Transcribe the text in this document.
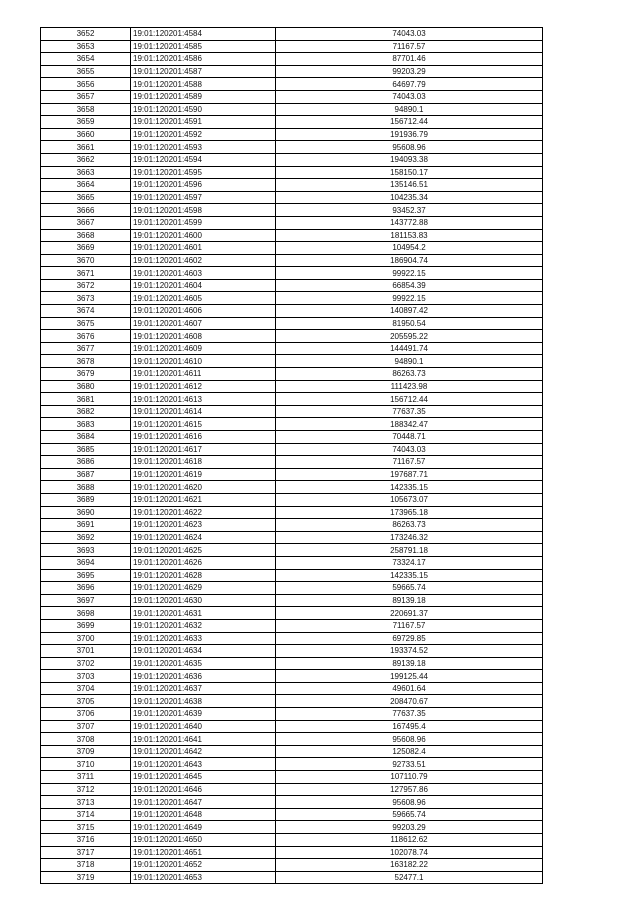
3652	19:01:120201:4584	74043.03
3653	19:01:120201:4585	71167.57
3654	19:01:120201:4586	87701.46
3655	19:01:120201:4587	99203.29
3656	19:01:120201:4588	64697.79
3657	19:01:120201:4589	74043.03
3658	19:01:120201:4590	94890.1
3659	19:01:120201:4591	156712.44
3660	19:01:120201:4592	191936.79
3661	19:01:120201:4593	95608.96
3662	19:01:120201:4594	194093.38
3663	19:01:120201:4595	158150.17
3664	19:01:120201:4596	135146.51
3665	19:01:120201:4597	104235.34
3666	19:01:120201:4598	93452.37
3667	19:01:120201:4599	143772.88
3668	19:01:120201:4600	181153.83
3669	19:01:120201:4601	104954.2
3670	19:01:120201:4602	186904.74
3671	19:01:120201:4603	99922.15
3672	19:01:120201:4604	66854.39
3673	19:01:120201:4605	99922.15
3674	19:01:120201:4606	140897.42
3675	19:01:120201:4607	81950.54
3676	19:01:120201:4608	205595.22
3677	19:01:120201:4609	144491.74
3678	19:01:120201:4610	94890.1
3679	19:01:120201:4611	86263.73
3680	19:01:120201:4612	111423.98
3681	19:01:120201:4613	156712.44
3682	19:01:120201:4614	77637.35
3683	19:01:120201:4615	188342.47
3684	19:01:120201:4616	70448.71
3685	19:01:120201:4617	74043.03
3686	19:01:120201:4618	71167.57
3687	19:01:120201:4619	197687.71
3688	19:01:120201:4620	142335.15
3689	19:01:120201:4621	105673.07
3690	19:01:120201:4622	173965.18
3691	19:01:120201:4623	86263.73
3692	19:01:120201:4624	173246.32
3693	19:01:120201:4625	258791.18
3694	19:01:120201:4626	73324.17
3695	19:01:120201:4628	142335.15
3696	19:01:120201:4629	59665.74
3697	19:01:120201:4630	89139.18
3698	19:01:120201:4631	220691.37
3699	19:01:120201:4632	71167.57
3700	19:01:120201:4633	69729.85
3701	19:01:120201:4634	193374.52
3702	19:01:120201:4635	89139.18
3703	19:01:120201:4636	199125.44
3704	19:01:120201:4637	49601.64
3705	19:01:120201:4638	208470.67
3706	19:01:120201:4639	77637.35
3707	19:01:120201:4640	167495.4
3708	19:01:120201:4641	95608.96
3709	19:01:120201:4642	125082.4
3710	19:01:120201:4643	92733.51
3711	19:01:120201:4645	107110.79
3712	19:01:120201:4646	127957.86
3713	19:01:120201:4647	95608.96
3714	19:01:120201:4648	59665.74
3715	19:01:120201:4649	99203.29
3716	19:01:120201:4650	118612.62
3717	19:01:120201:4651	102078.74
3718	19:01:120201:4652	163182.22
3719	19:01:120201:4653	52477.1
